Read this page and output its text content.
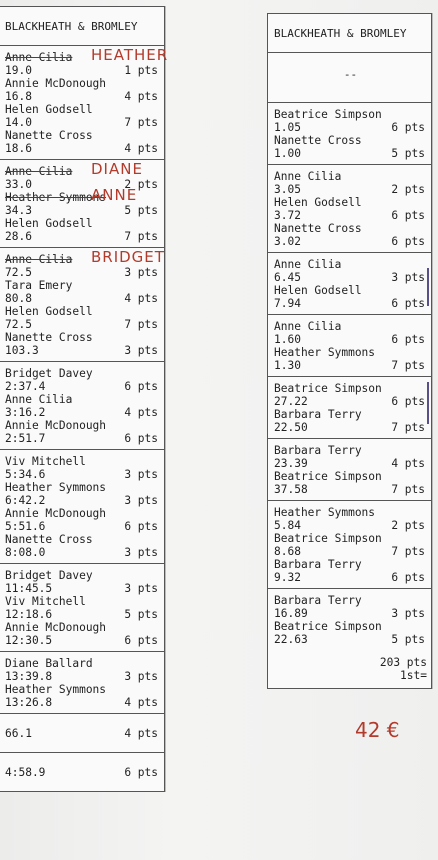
BLACKHEATH & BROMLEY
Anne Cilia	HEATHER
19.0	1 pts
Annie McDonough
16.8	4 pts
Helen Godsell
14.0	7 pts
Nanette Cross
18.6	4 pts
Anne Cilia	DIANE
33.0	2 pts
Heather Symmons
ANNE
34.3	5 pts
Helen Godsell
28.6	7 pts
Anne Cilia	BRIDGET
72.5	3 pts
Tara Emery
80.8	4 pts
Helen Godsell
72.5	7 pts
Nanette Cross
103.3	3 pts
Bridget Davey
2:37.4	6 pts
Anne Cilia
3:16.2	4 pts
Annie McDonough
2:51.7	6 pts
Viv Mitchell
5:34.6	3 pts
Heather Symmons
6:42.2	3 pts
Annie McDonough
5:51.6	6 pts
Nanette Cross
8:08.0	3 pts
Bridget Davey
11:45.5	3 pts
Viv Mitchell
12:18.6	5 pts
Annie McDonough
12:30.5	6 pts
Diane Ballard
13:39.8	3 pts
Heather Symmons
13:26.8	4 pts
66.1	4 pts
4:58.9	6 pts
BLACKHEATH & BROMLEY
--
Beatrice Simpson
1.05	6 pts
Nanette Cross
1.00	5 pts
Anne Cilia
3.05	2 pts
Helen Godsell
3.72	6 pts
Nanette Cross
3.02	6 pts
Anne Cilia
6.45	3 pts
Helen Godsell
7.94	6 pts
Anne Cilia
1.60	6 pts
Heather Symmons
1.30	7 pts
Beatrice Simpson
27.22	6 pts
Barbara Terry
22.50	7 pts
Barbara Terry
23.39	4 pts
Beatrice Simpson
37.58	7 pts
Heather Symmons
5.84	2 pts
Beatrice Simpson
8.68	7 pts
Barbara Terry
9.32	6 pts
Barbara Terry
16.89	3 pts
Beatrice Simpson
22.63	5 pts
203 pts
1st=
42 €
